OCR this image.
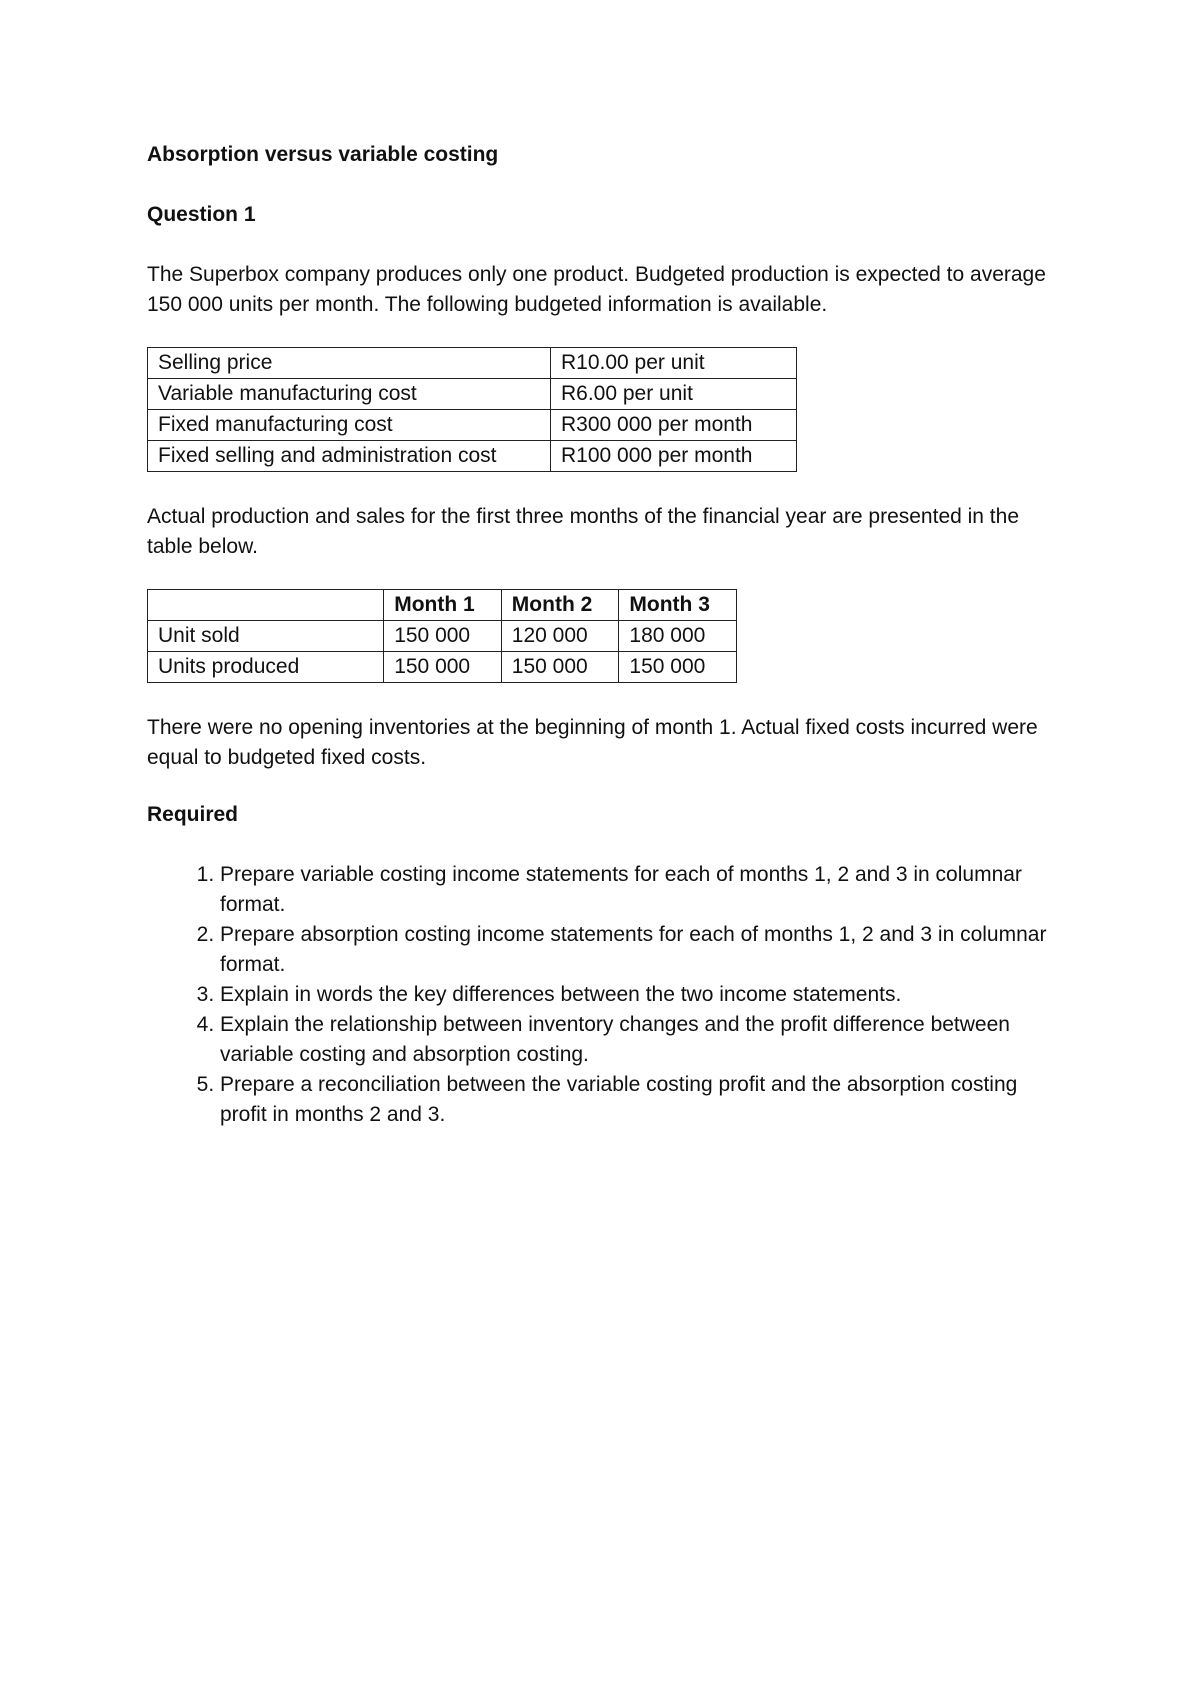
Absorption versus variable costing

Question 1

The Superbox company produces only one product. Budgeted production is expected to average 150 000 units per month. The following budgeted information is available.

Selling price	R10.00 per unit
Variable manufacturing cost	R6.00 per unit
Fixed manufacturing cost	R300 000 per month
Fixed selling and administration cost	R100 000 per month

Actual production and sales for the first three months of the financial year are presented in the table below.

	Month 1	Month 2	Month 3
Unit sold	150 000	120 000	180 000
Units produced	150 000	150 000	150 000

There were no opening inventories at the beginning of month 1. Actual fixed costs incurred were equal to budgeted fixed costs.

Required

1. Prepare variable costing income statements for each of months 1, 2 and 3 in columnar format.
2. Prepare absorption costing income statements for each of months 1, 2 and 3 in columnar format.
3. Explain in words the key differences between the two income statements.
4. Explain the relationship between inventory changes and the profit difference between variable costing and absorption costing.
5. Prepare a reconciliation between the variable costing profit and the absorption costing profit in months 2 and 3.
